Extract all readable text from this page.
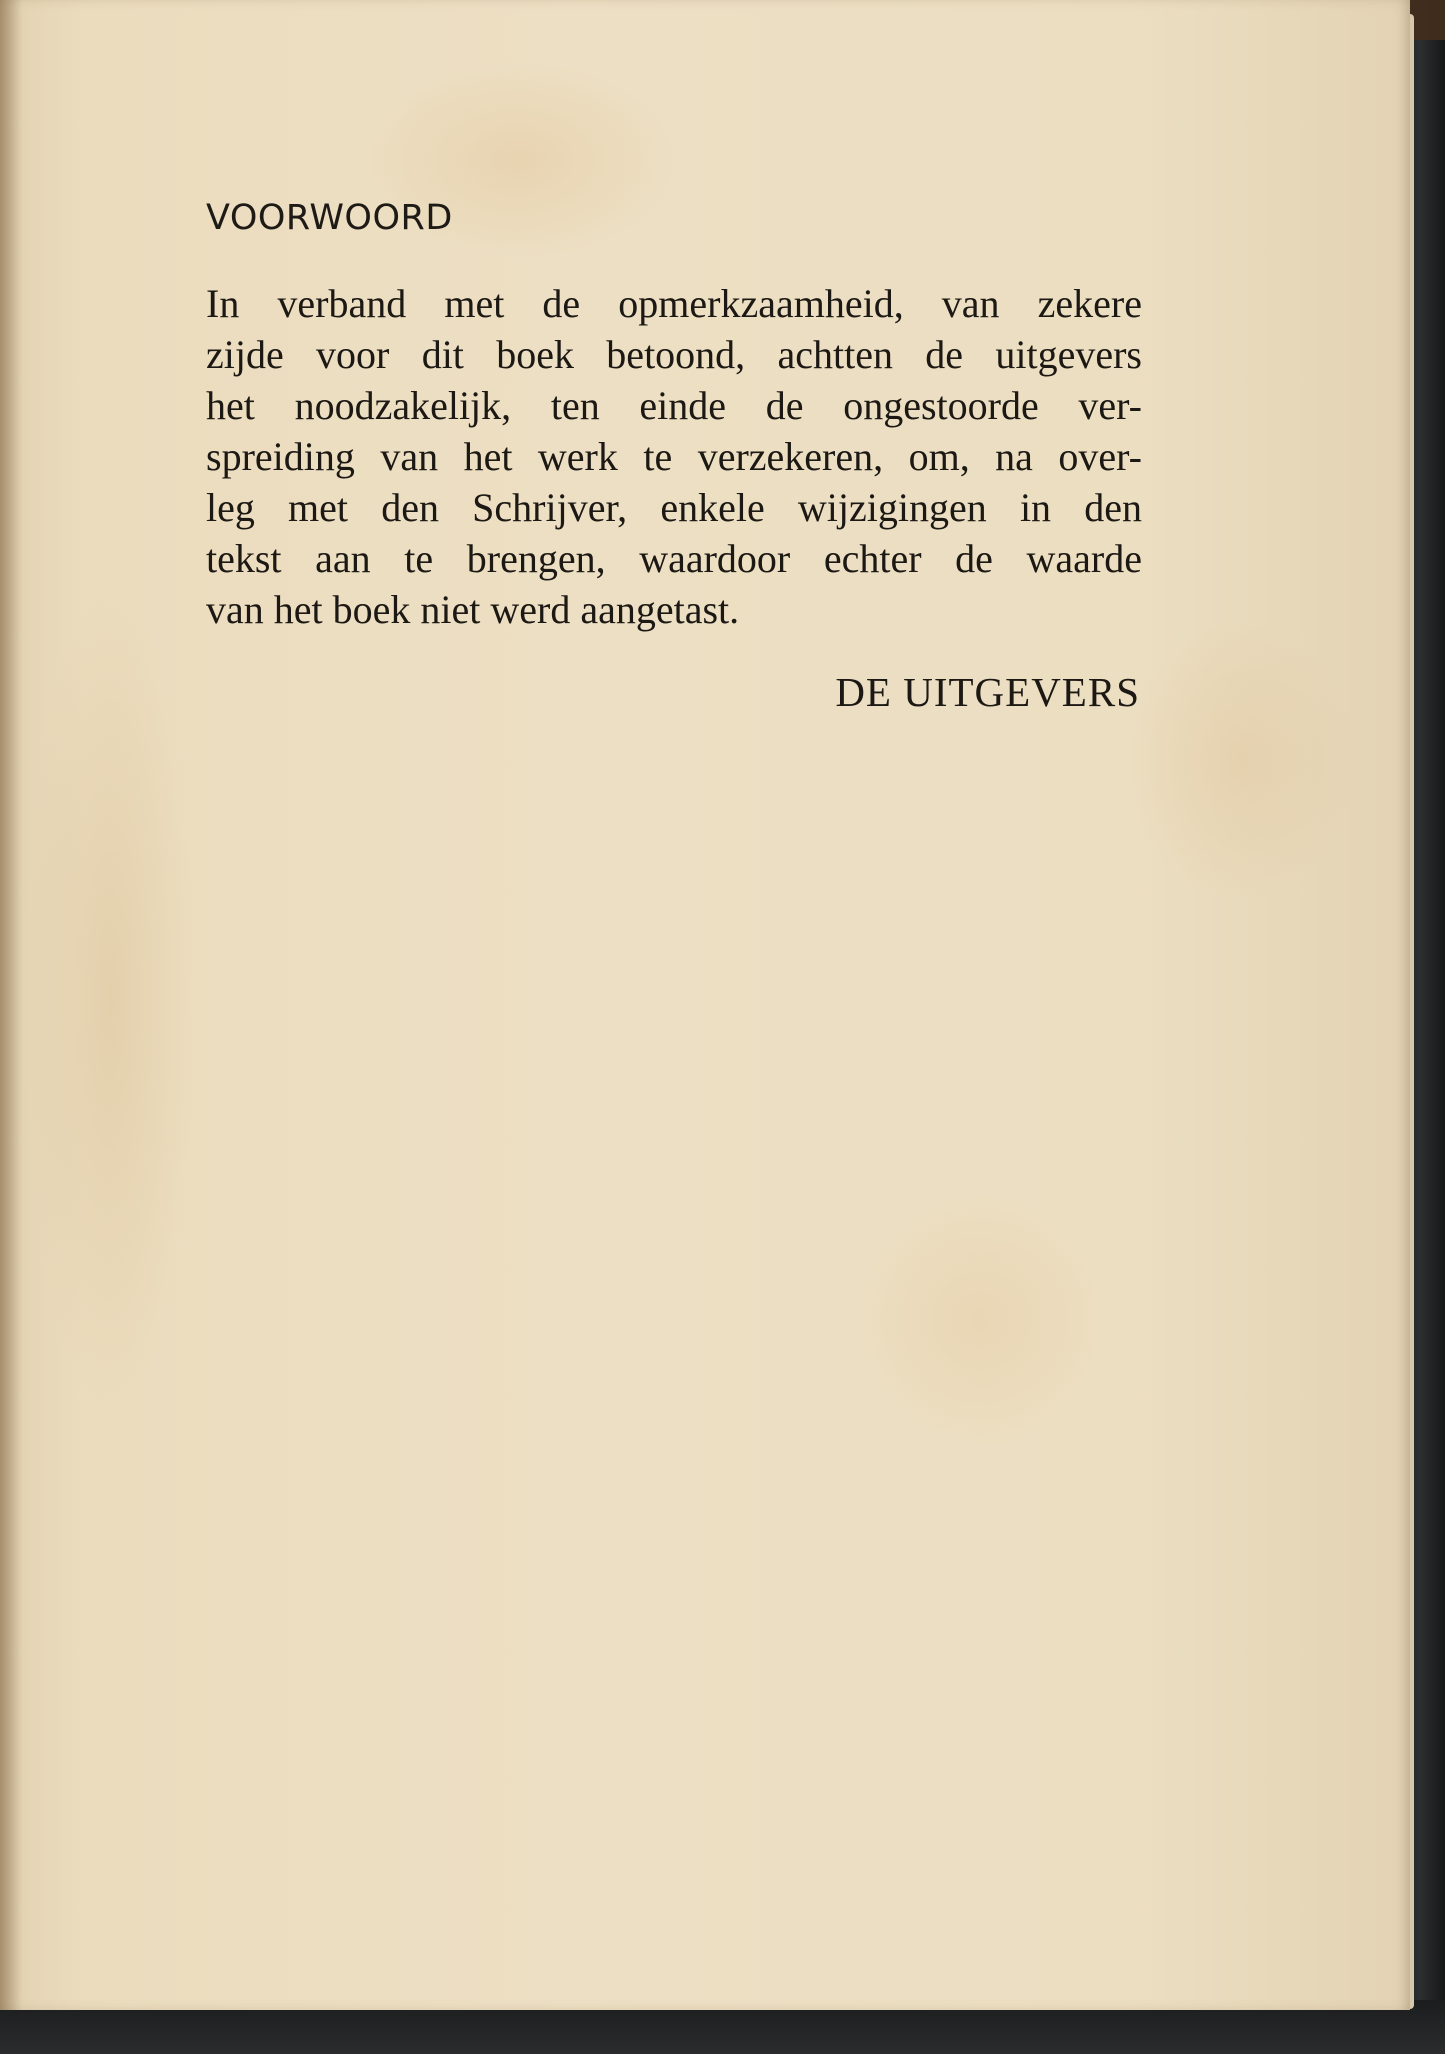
VOORWOORD
In verband met de opmerkzaamheid, van zekere
zijde voor dit boek betoond, achtten de uitgevers
het noodzakelijk, ten einde de ongestoorde ver-
spreiding van het werk te verzekeren, om, na over-
leg met den Schrijver, enkele wijzigingen in den
tekst aan te brengen, waardoor echter de waarde
van het boek niet werd aangetast.

DE UITGEVERS
